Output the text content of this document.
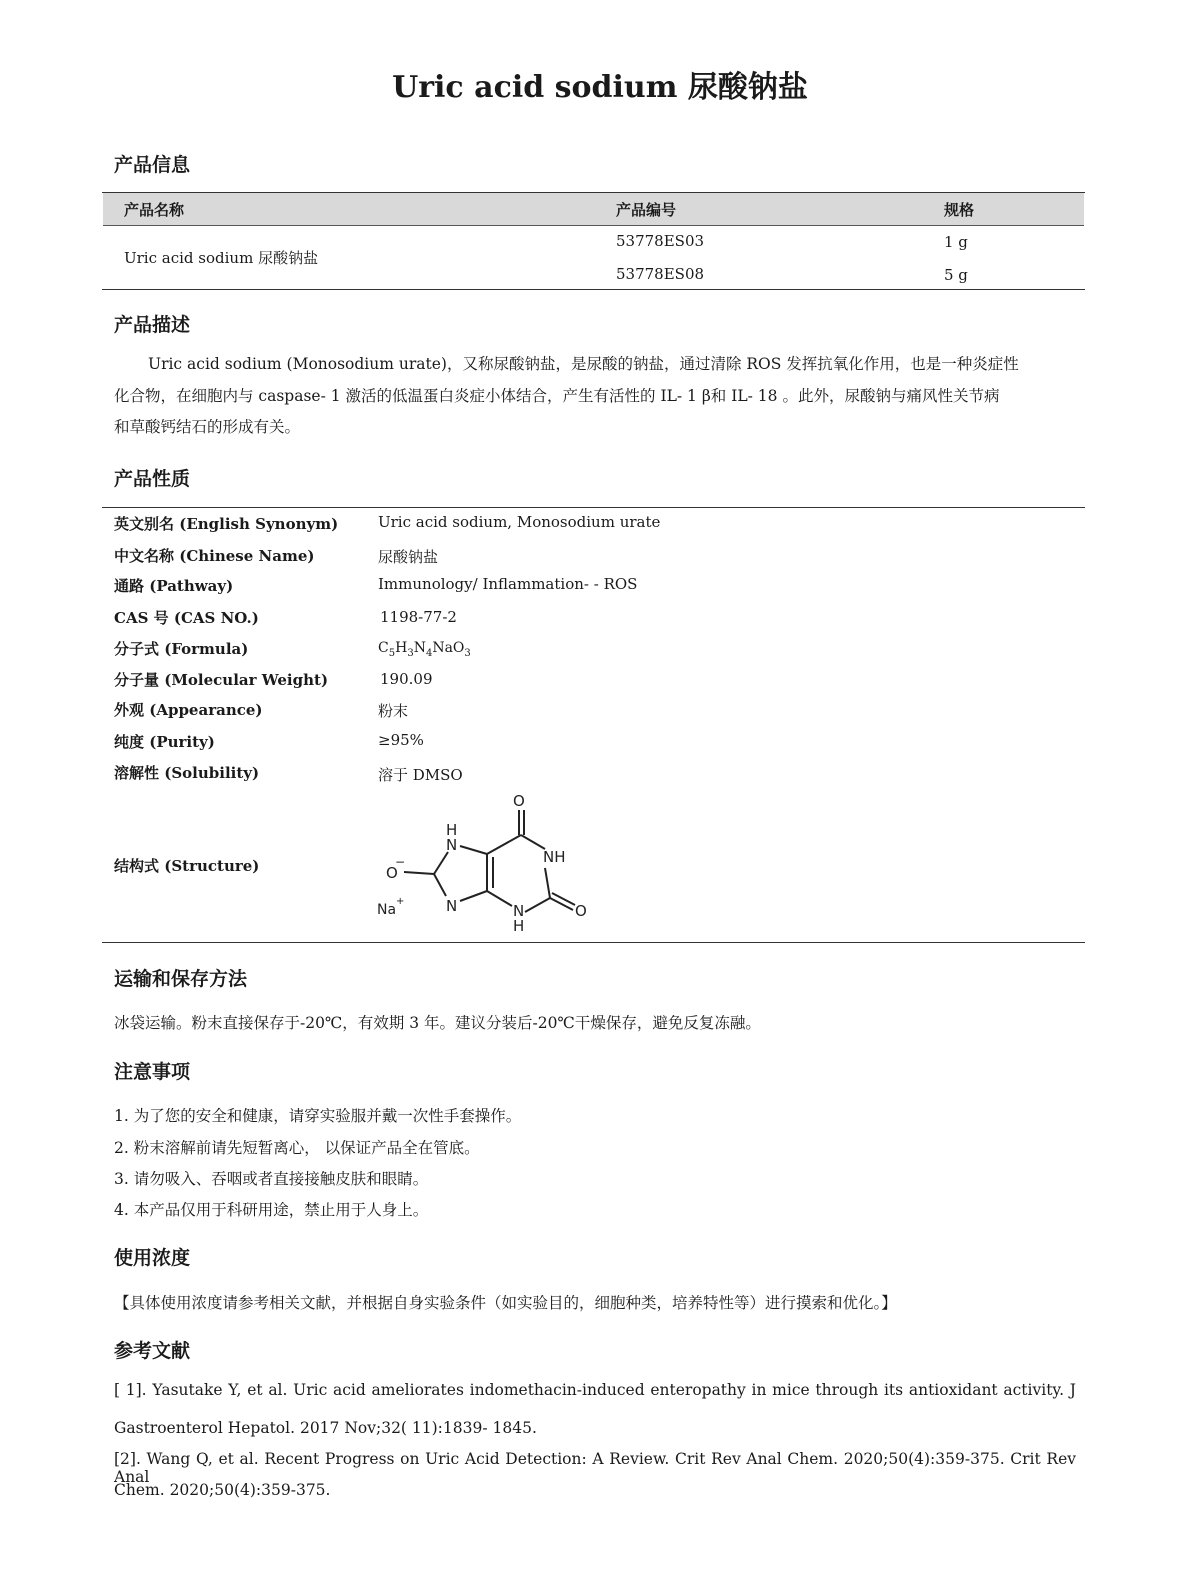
Uric acid sodium 尿酸钠盐
产品信息
产品名称	产品编号	规格
Uric acid sodium 尿酸钠盐
53778ES03	1 g
53778ES08	5 g
产品描述
Uric acid sodium (Monosodium urate)，又称尿酸钠盐，是尿酸的钠盐，通过清除 ROS 发挥抗氧化作用，也是一种炎症性
化合物，在细胞内与 caspase- 1 激活的低温蛋白炎症小体结合，产生有活性的 IL- 1 β和 IL- 18 。此外，尿酸钠与痛风性关节病
和草酸钙结石的形成有关。
产品性质
英文别名 (English Synonym)	Uric acid sodium, Monosodium urate
中文名称 (Chinese Name)	尿酸钠盐
通路 (Pathway)	Immunology/ Inflammation- - ROS
CAS 号 (CAS NO.)	1198-77-2
分子式 (Formula)	$C_5H_3N_4NaO_3$
分子量 (Molecular Weight)	190.09
外观 (Appearance)	粉末
纯度 (Purity)	≥95%
溶解性 (Solubility)	溶于 DMSO
结构式 (Structure)
O
NH
O
H
N
N	N
H
O
−
Na
+
运输和保存方法
冰袋运输。粉末直接保存于-20℃，有效期 3 年。建议分装后-20℃干燥保存，避免反复冻融。
注意事项
1. 为了您的安全和健康，请穿实验服并戴一次性手套操作。
2. 粉末溶解前请先短暂离心， 以保证产品全在管底。
3. 请勿吸入、吞咽或者直接接触皮肤和眼睛。
4. 本产品仅用于科研用途，禁止用于人身上。
使用浓度
【具体使用浓度请参考相关文献，并根据自身实验条件（如实验目的，细胞种类，培养特性等）进行摸索和优化。】
参考文献
[ 1]. Yasutake Y, et al. Uric acid ameliorates indomethacin-induced enteropathy in mice through its antioxidant activity. J
Gastroenterol Hepatol. 2017 Nov;32( 11):1839- 1845.
[2]. Wang Q, et al. Recent Progress on Uric Acid Detection: A Review. Crit Rev Anal Chem. 2020;50(4):359-375. Crit Rev Anal
Chem. 2020;50(4):359-375.
